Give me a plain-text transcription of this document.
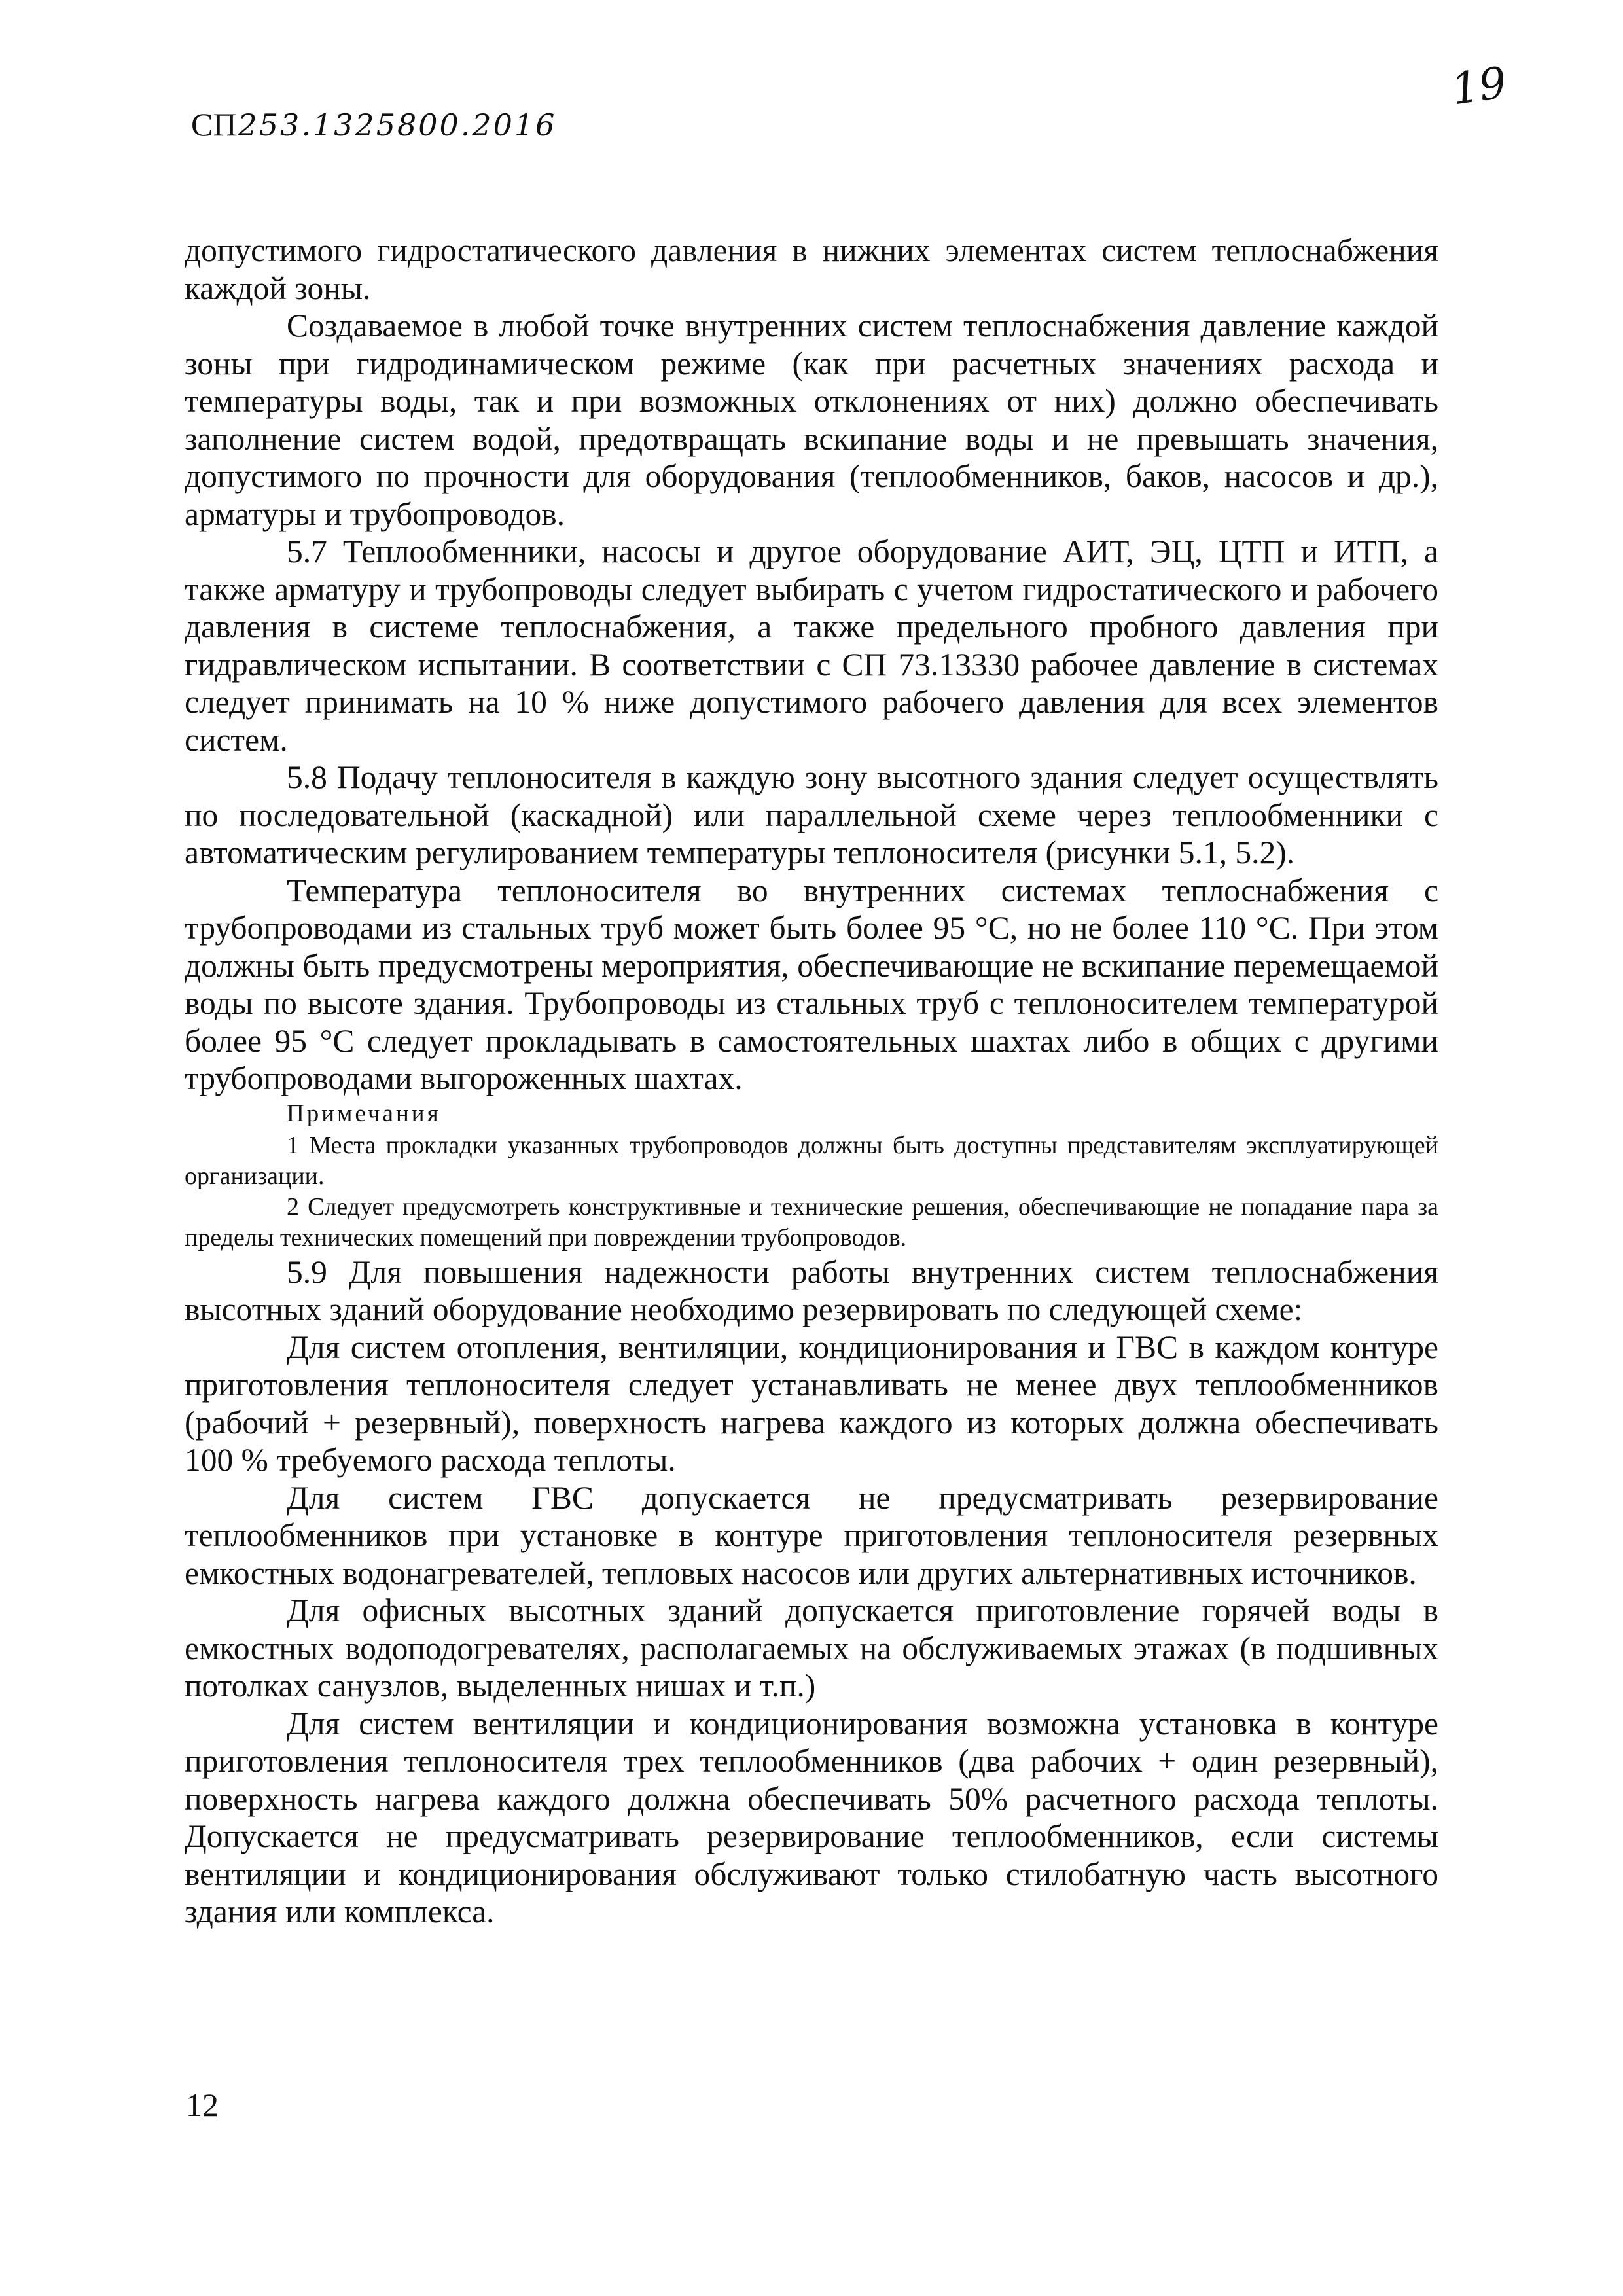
СП253.1325800.2016
19

допустимого гидростатического давления в нижних элементах систем теплоснабжения каждой зоны.

Создаваемое в любой точке внутренних систем теплоснабжения давление каждой зоны при гидродинамическом режиме (как при расчетных значениях расхода и температуры воды, так и при возможных отклонениях от них) должно обеспечивать заполнение систем водой, предотвращать вскипание воды и не превышать значения, допустимого по прочности для оборудования (теплообменников, баков, насосов и др.), арматуры и трубопроводов.

5.7 Теплообменники, насосы и другое оборудование АИТ, ЭЦ, ЦТП и ИТП, а также арматуру и трубопроводы следует выбирать с учетом гидростатического и рабочего давления в системе теплоснабжения, а также предельного пробного давления при гидравлическом испытании. В соответствии с СП 73.13330 рабочее давление в системах следует принимать на 10 % ниже допустимого рабочего давления для всех элементов систем.

5.8 Подачу теплоносителя в каждую зону высотного здания следует осуществлять по последовательной (каскадной) или параллельной схеме через теплообменники с автоматическим регулированием температуры теплоносителя (рисунки 5.1, 5.2).

Температура теплоносителя во внутренних системах теплоснабжения с трубопроводами из стальных труб может быть более 95 °С, но не более 110 °С. При этом должны быть предусмотрены мероприятия, обеспечивающие не вскипание перемещаемой воды по высоте здания. Трубопроводы из стальных труб с теплоносителем температурой более 95 °С следует прокладывать в самостоятельных шахтах либо в общих с другими трубопроводами выгороженных шахтах.

Примечания

1 Места прокладки указанных трубопроводов должны быть доступны представителям эксплуатирующей организации.

2 Следует предусмотреть конструктивные и технические решения, обеспечивающие не попадание пара за пределы технических помещений при повреждении трубопроводов.

5.9 Для повышения надежности работы внутренних систем теплоснабжения высотных зданий оборудование необходимо резервировать по следующей схеме:

Для систем отопления, вентиляции, кондиционирования и ГВС в каждом контуре приготовления теплоносителя следует устанавливать не менее двух теплообменников (рабочий + резервный), поверхность нагрева каждого из которых должна обеспечивать 100 % требуемого расхода теплоты.

Для систем ГВС допускается не предусматривать резервирование теплообменников при установке в контуре приготовления теплоносителя резервных емкостных водонагревателей, тепловых насосов или других альтернативных источников.

Для офисных высотных зданий допускается приготовление горячей воды в емкостных водоподогревателях, располагаемых на обслуживаемых этажах (в подшивных потолках санузлов, выделенных нишах и т.п.)

Для систем вентиляции и кондиционирования возможна установка в контуре приготовления теплоносителя трех теплообменников (два рабочих + один резервный), поверхность нагрева каждого должна обеспечивать 50% расчетного расхода теплоты. Допускается не предусматривать резервирование теплообменников, если системы вентиляции и кондиционирования обслуживают только стилобатную часть высотного здания или комплекса.

12
